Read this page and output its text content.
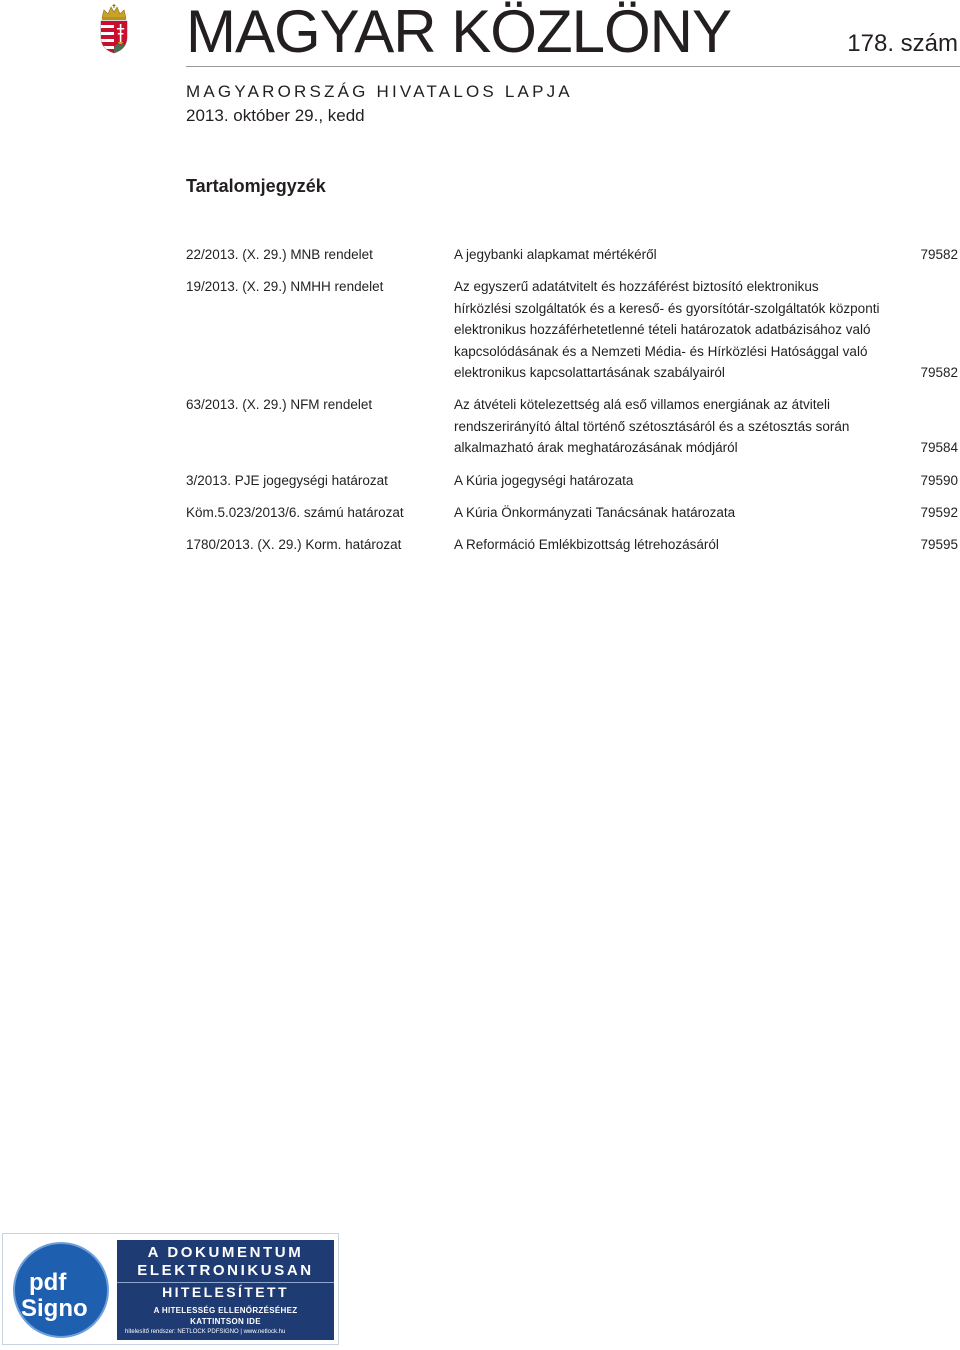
MAGYAR KÖZLÖNY	178. szám
MAGYARORSZÁG HIVATALOS LAPJA
2013. október 29., kedd
Tartalomjegyzék
22/2013. (X. 29.) MNB rendelet	A jegybanki alapkamat mértékéről	79582
19/2013. (X. 29.) NMHH rendelet	Az egyszerű adatátvitelt és hozzáférést biztosító elektronikus
hírközlési szolgáltatók és a kereső- és gyorsítótár-szolgáltatók központi
elektronikus hozzáférhetetlenné tételi határozatok adatbázisához való
kapcsolódásának és a Nemzeti Média- és Hírközlési Hatósággal való
elektronikus kapcsolattartásának szabályairól	79582
63/2013. (X. 29.) NFM rendelet	Az átvételi kötelezettség alá eső villamos energiának az átviteli
rendszerirányító által történő szétosztásáról és a szétosztás során
alkalmazható árak meghatározásának módjáról	79584
3/2013. PJE jogegységi határozat	A Kúria jogegységi határozata	79590
Köm.5.023/2013/6. számú határozat	A Kúria Önkormányzati Tanácsának határozata	79592
1780/2013. (X. 29.) Korm. határozat	A Reformáció Emlékbizottság létrehozásáról	79595
pdf
Signo
A DOKUMENTUM
ELEKTRONIKUSAN
HITELESÍTETT
A HITELESSÉG ELLENŐRZÉSÉHEZ
KATTINTSON IDE
hitelesítő rendszer: NETLOCK PDFSIGNO | www.netlock.hu
